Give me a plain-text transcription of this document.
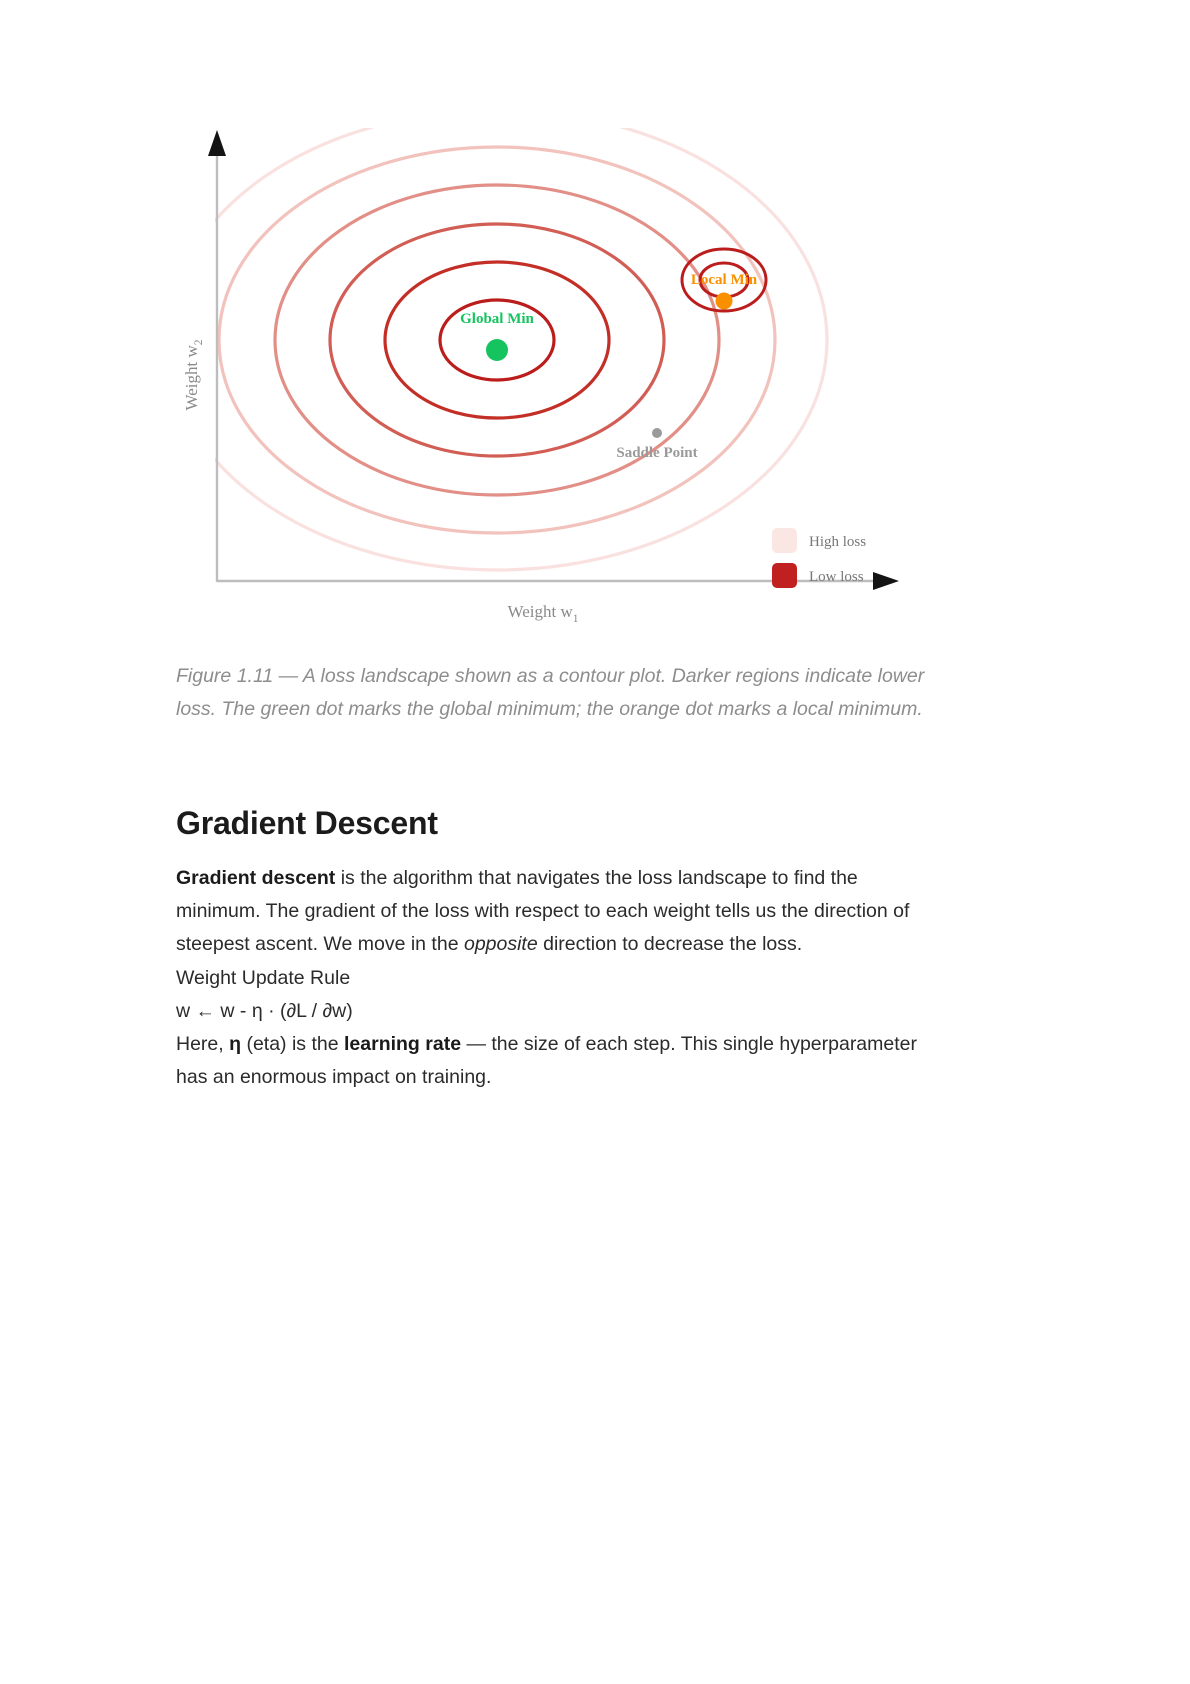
Weight $w_2$
Weight $w_1$
Global Min
Local Min
Saddle Point
High loss
Low loss
Figure 1.11 — A loss landscape shown as a contour plot. Darker regions indicate lower loss. The green dot marks the global minimum; the orange dot marks a local minimum.
Gradient Descent

Gradient descent is the algorithm that navigates the loss landscape to find the minimum. The gradient of the loss with respect to each weight tells us the direction of steepest ascent. We move in the opposite direction to decrease the loss.

Weight Update Rule
w ← w - η · (∂L / ∂w)
Here, η (eta) is the learning rate — the size of each step. This single hyperparameter has an enormous impact on training.
